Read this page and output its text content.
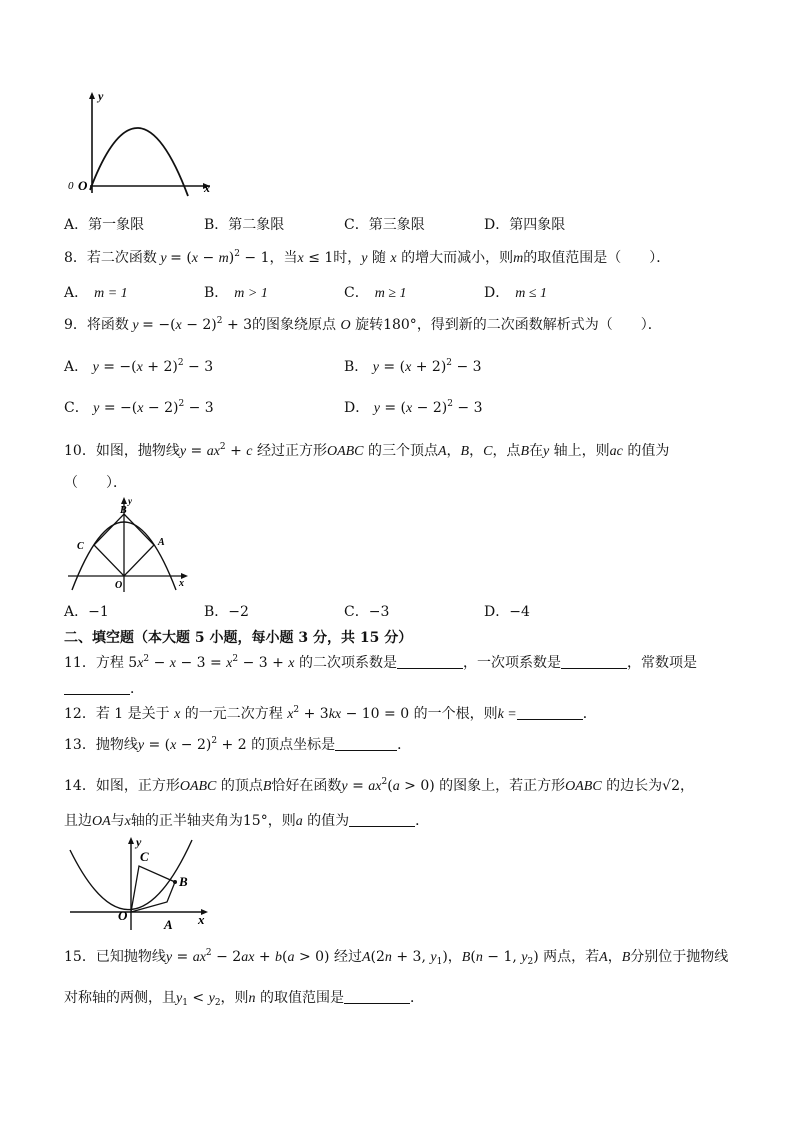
y
x
0 O
A．第一象限	B．第二象限	C．第三象限	D．第四象限
8．若二次函数 $y = (x - m)^2 - 1$，当x ≤ 1时，y 随 x 的增大而减小，则m的取值范围是（　　）．
A． m = 1	B． m > 1	C． m ≥ 1	D． m ≤ 1
9．将函数 $y = -(x - 2)^2 + 3$的图象绕原点 O 旋转180°，得到新的二次函数解析式为（　　）．
A． $y = -(x + 2)^2 - 3$	B． $y = (x + 2)^2 - 3$
C． $y = -(x - 2)^2 - 3$	D． $y = (x - 2)^2 - 3$
10．如图，抛物线$y = ax^2 + c$ 经过正方形OABC 的三个顶点A，B，C，点B在y 轴上，则ac 的值为
（　　）．
y
x
B
C	A
O
A．−1	B．−2	C．−3	D．−4
二、填空题（本大题 5 小题，每小题 3 分，共 15 分）
11．方程 $5x^2 - x - 3 = x^2 - 3 + x$ 的二次项系数是	，一次项系数是	，常数项是
．
12．若 1 是关于 x 的一元二次方程 $x^2 + 3kx - 10 = 0$ 的一个根，则k =	．
13．抛物线$y = (x - 2)^2 + 2$ 的顶点坐标是	．
14．如图，正方形OABC 的顶点B恰好在函数$y = ax^2(a > 0)$ 的图象上，若正方形OABC 的边长为√2，
且边OA与x轴的正半轴夹角为15°，则a 的值为	．
y
x
C
B
O
A
15．已知抛物线$y = ax^2 - 2ax + b(a > 0)$ 经过A(2n + 3, $y_1$)，B(n − 1, $y_2$) 两点，若A，B分别位于抛物线
对称轴的两侧，且$y_1 < y_2$，则n 的取值范围是	．
